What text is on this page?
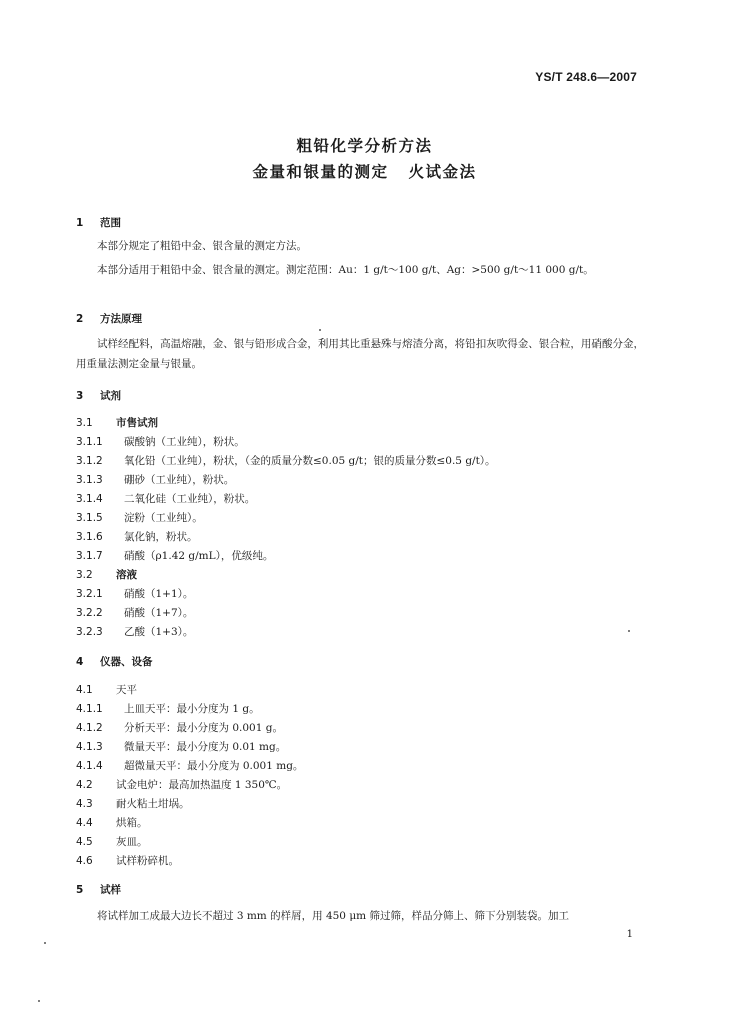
YS/T 248.6—2007
粗铅化学分析方法
金量和银量的测定 火试金法
1 范围

本部分规定了粗铅中金、银含量的测定方法。

本部分适用于粗铅中金、银含量的测定。测定范围：Au：1 g/t～100 g/t、Ag：>500 g/t～11 000 g/t。

2 方法原理

试样经配料，高温熔融，金、银与铅形成合金，利用其比重悬殊与熔渣分离，将铅扣灰吹得金、银合粒，用硝酸分金，用重量法测定金量与银量。

3 试剂
3.1 市售试剂
3.1.1 碳酸钠（工业纯），粉状。
3.1.2 氧化铅（工业纯），粉状，（金的质量分数≤0.05 g/t；银的质量分数≤0.5 g/t）。
3.1.3 硼砂（工业纯），粉状。
3.1.4 二氧化硅（工业纯），粉状。
3.1.5 淀粉（工业纯）。
3.1.6 氯化钠，粉状。
3.1.7 硝酸（ρ1.42 g/mL），优级纯。
3.2 溶液
3.2.1 硝酸（1+1）。
3.2.2 硝酸（1+7）。
3.2.3 乙酸（1+3）。
4 仪器、设备
4.1 天平
4.1.1 上皿天平：最小分度为 1 g。
4.1.2 分析天平：最小分度为 0.001 g。
4.1.3 微量天平：最小分度为 0.01 mg。
4.1.4 超微量天平：最小分度为 0.001 mg。
4.2 试金电炉：最高加热温度 1 350℃。
4.3 耐火粘土坩埚。
4.4 烘箱。
4.5 灰皿。
4.6 试样粉碎机。
5 试样

将试样加工成最大边长不超过 3 mm 的样屑，用 450 μm 筛过筛，样品分筛上、筛下分别装袋。加工

1
